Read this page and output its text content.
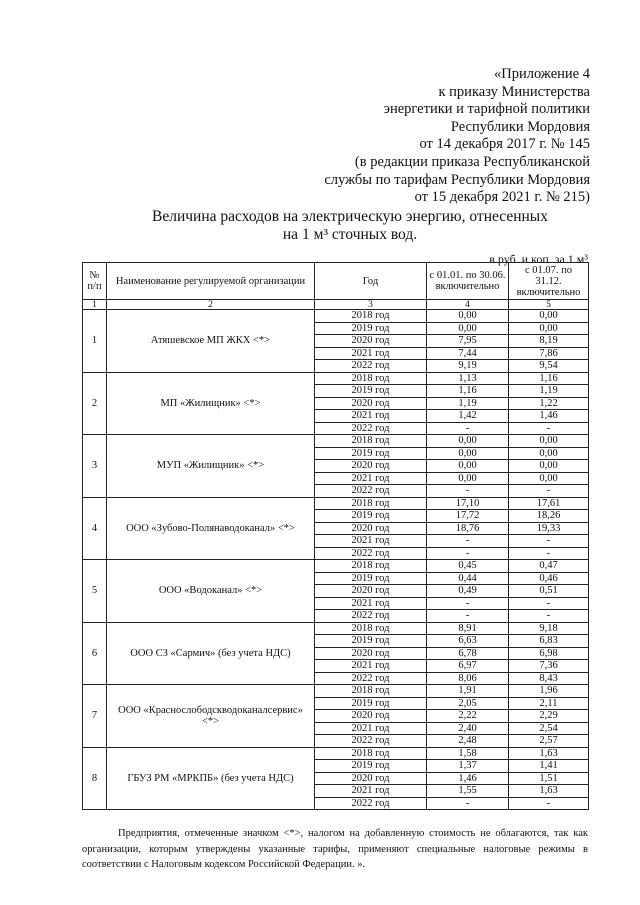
«Приложение 4
к приказу Министерства
энергетики и тарифной политики
Республики Мордовия
от 14 декабря 2017 г. № 145
(в редакции приказа Республиканской
службы по тарифам Республики Мордовия
от 15 декабря 2021 г. № 215)
Величина расходов на электрическую энергию, отнесенных
на 1 м³ сточных вод.
в руб. и коп. за 1 м³
№ п/п	Наименование регулируемой организации	Год	с 01.01. по 30.06. включительно	с 01.07. по 31.12. включительно
1	2	3	4	5
1	Атяшевское МП ЖКХ <*>	2018 год	0,00	0,00
		2019 год	0,00	0,00
		2020 год	7,95	8,19
		2021 год	7,44	7,86
		2022 год	9,19	9,54
2	МП «Жилищник» <*>	2018 год	1,13	1,16
		2019 год	1,16	1,19
		2020 год	1,19	1,22
		2021 год	1,42	1,46
		2022 год	-	-
3	МУП «Жилищник» <*>	2018 год	0,00	0,00
		2019 год	0,00	0,00
		2020 год	0,00	0,00
		2021 год	0,00	0,00
		2022 год	-	-
4	ООО «Зубово-Полянаводоканал» <*>	2018 год	17,10	17,61
		2019 год	17,72	18,26
		2020 год	18,76	19,33
		2021 год	-	-
		2022 год	-	-
5	ООО «Водоканал» <*>	2018 год	0,45	0,47
		2019 год	0,44	0,46
		2020 год	0,49	0,51
		2021 год	-	-
		2022 год	-	-
6	ООО СЗ «Сармич» (без учета НДС)	2018 год	8,91	9,18
		2019 год	6,63	6,83
		2020 год	6,78	6,98
		2021 год	6,97	7,36
		2022 год	8,06	8,43
7	ООО «Краснослободскводоканалсервис» <*>	2018 год	1,91	1,96
		2019 год	2,05	2,11
		2020 год	2,22	2,29
		2021 год	2,40	2,54
		2022 год	2,48	2,57
8	ГБУЗ РМ «МРКПБ» (без учета НДС)	2018 год	1,58	1,63
		2019 год	1,37	1,41
		2020 год	1,46	1,51
		2021 год	1,55	1,63
		2022 год	-	-
Предприятия, отмеченные значком <*>, налогом на добавленную стоимость не облагаются, так как организации, которым утверждены указанные тарифы, применяют специальные налоговые режимы в соответствии с Налоговым кодексом Российской Федерации. ».
